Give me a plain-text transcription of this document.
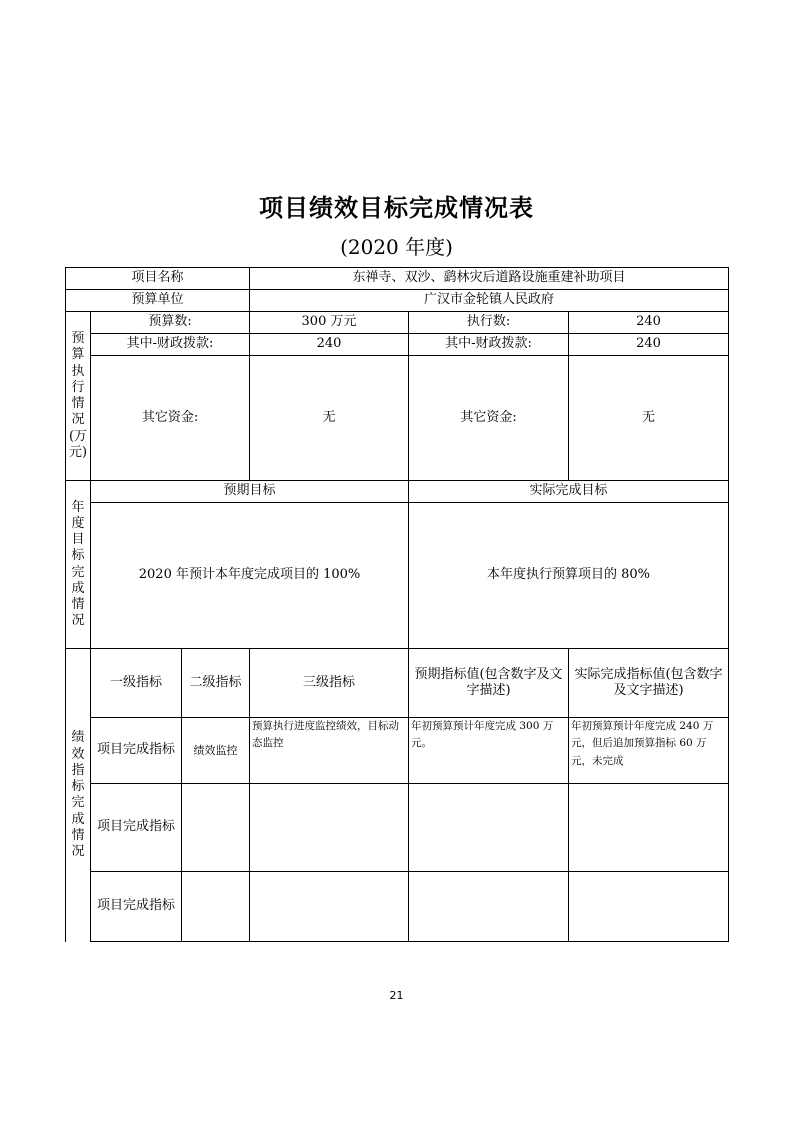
项目绩效目标完成情况表
(2020 年度)
项目名称			东禅寺、双沙、鹞林灾后道路设施重建补助项目		
预算单位			广汉市金轮镇人民政府		
预算执行情况(万元)	预算数:		300 万元	执行数:	240
	其中-财政拨款:		240	其中-财政拨款:	240
	其它资金:		无	其它资金:	无
年度目标完成情况	预期目标			实际完成目标	
	2020 年预计本年度完成项目的 100%			本年度执行预算项目的 80%	
绩效指标完成情况	一级指标	二级指标	三级指标	预期指标值(包含数字及文字描述)	实际完成指标值(包含数字及文字描述)
	项目完成指标	绩效监控	预算执行进度监控绩效，目标动态监控	年初预算预计年度完成 300 万元。	年初预算预计年度完成 240 万元，但后追加预算指标 60 万元，未完成
	项目完成指标				
	项目完成指标				
21
